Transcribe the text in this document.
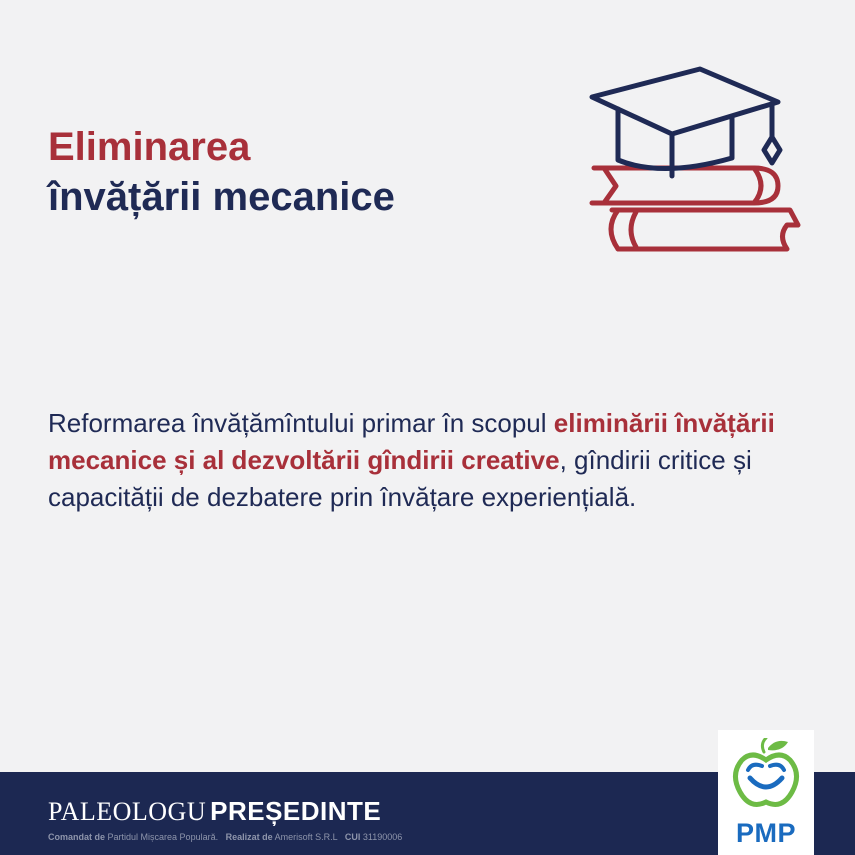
Eliminarea
învățării mecanice
Reformarea învățămîntului primar în scopul eliminării învățării mecanice și al dezvoltării gîndirii creative, gîndirii critice și capacității de dezbatere prin învățare experiențială.
PALEOLOGU PREȘEDINTE
Comandat de Partidul Mișcarea Populară. Realizat de Amerisoft S.R.L CUI 31190006	PMP
